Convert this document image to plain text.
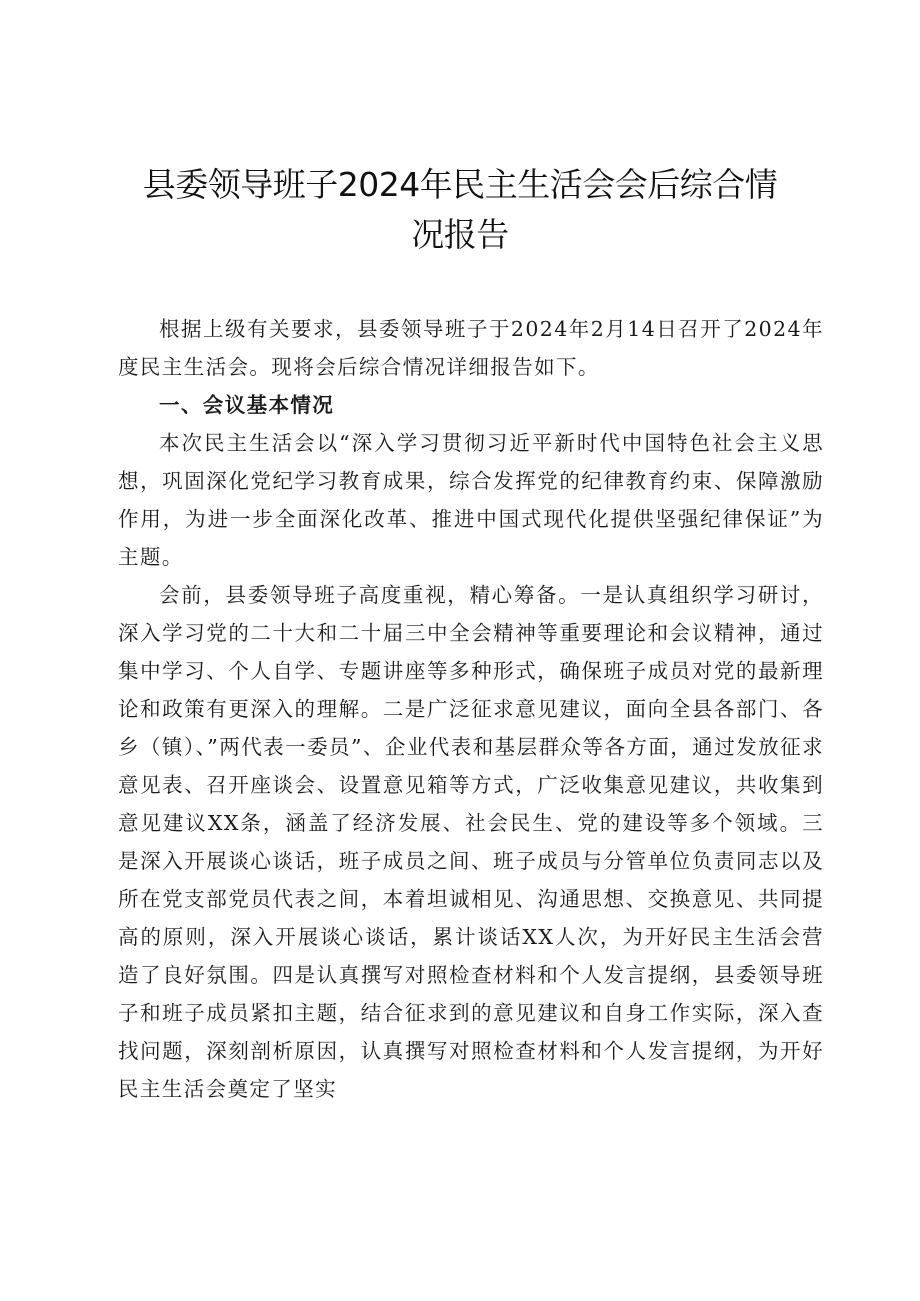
县委领导班子2024年民主生活会会后综合情
况报告

根据上级有关要求，县委领导班子于2024年2月14日召开了2024年度民主生活会。现将会后综合情况详细报告如下。

一、会议基本情况

本次民主生活会以“深入学习贯彻习近平新时代中国特色社会主义思想，巩固深化党纪学习教育成果，综合发挥党的纪律教育约束、保障激励作用，为进一步全面深化改革、推进中国式现代化提供坚强纪律保证”为主题。

会前，县委领导班子高度重视，精心筹备。一是认真组织学习研讨，深入学习党的二十大和二十届三中全会精神等重要理论和会议精神，通过集中学习、个人自学、专题讲座等多种形式，确保班子成员对党的最新理论和政策有更深入的理解。二是广泛征求意见建议，面向全县各部门、各乡（镇）、”两代表一委员”、企业代表和基层群众等各方面，通过发放征求意见表、召开座谈会、设置意见箱等方式，广泛收集意见建议，共收集到意见建议XX条，涵盖了经济发展、社会民生、党的建设等多个领域。三是深入开展谈心谈话，班子成员之间、班子成员与分管单位负责同志以及所在党支部党员代表之间，本着坦诚相见、沟通思想、交换意见、共同提高的原则，深入开展谈心谈话，累计谈话XX人次，为开好民主生活会营造了良好氛围。四是认真撰写对照检查材料和个人发言提纲，县委领导班子和班子成员紧扣主题，结合征求到的意见建议和自身工作实际，深入查找问题，深刻剖析原因，认真撰写对照检查材料和个人发言提纲，为开好民主生活会奠定了坚实
